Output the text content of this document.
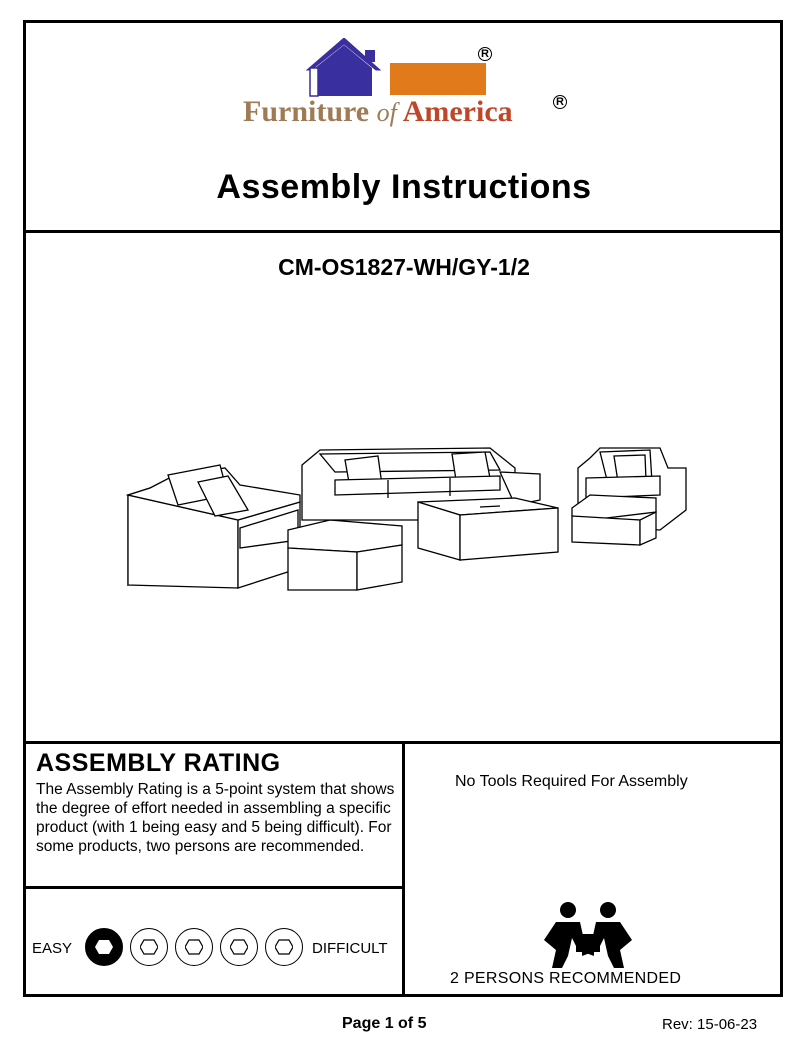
R
Furniture of America	R
Assembly Instructions
CM-OS1827-WH/GY-1/2
ASSEMBLY RATING
The Assembly Rating is a 5-point system that shows the degree of effort needed in assembling a specific product (with 1 being easy and 5 being difficult). For some products, two persons are recommended.
EASY	DIFFICULT
No Tools Required For Assembly
2 PERSONS RECOMMENDED
Page 1 of 5	Rev: 15-06-23
